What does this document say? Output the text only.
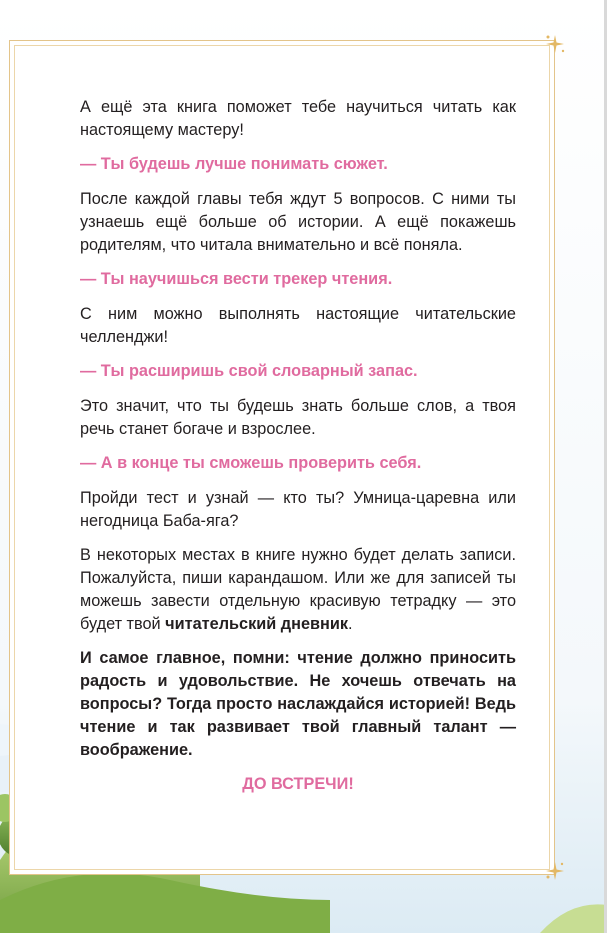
А ещё эта книга поможет тебе научиться читать как настоящему мастеру!

— Ты будешь лучше понимать сюжет.

После каждой главы тебя ждут 5 вопросов. С ними ты узнаешь ещё больше об истории. А ещё покажешь родителям, что читала внимательно и всё поняла.

— Ты научишься вести трекер чтения.

С ним можно выполнять настоящие читательские челленджи!

— Ты расширишь свой словарный запас.

Это значит, что ты будешь знать больше слов, а твоя речь станет богаче и взрослее.

— А в конце ты сможешь проверить себя.

Пройди тест и узнай — кто ты? Умница-царевна или негодница Баба-яга?

В некоторых местах в книге нужно будет делать записи. Пожалуйста, пиши карандашом. Или же для записей ты можешь завести отдельную красивую тетрадку — это будет твой читательский дневник.

И самое главное, помни: чтение должно приносить радость и удовольствие. Не хочешь отвечать на вопросы? Тогда просто наслаждайся историей! Ведь чтение и так развивает твой главный талант — воображение.

ДО ВСТРЕЧИ!
